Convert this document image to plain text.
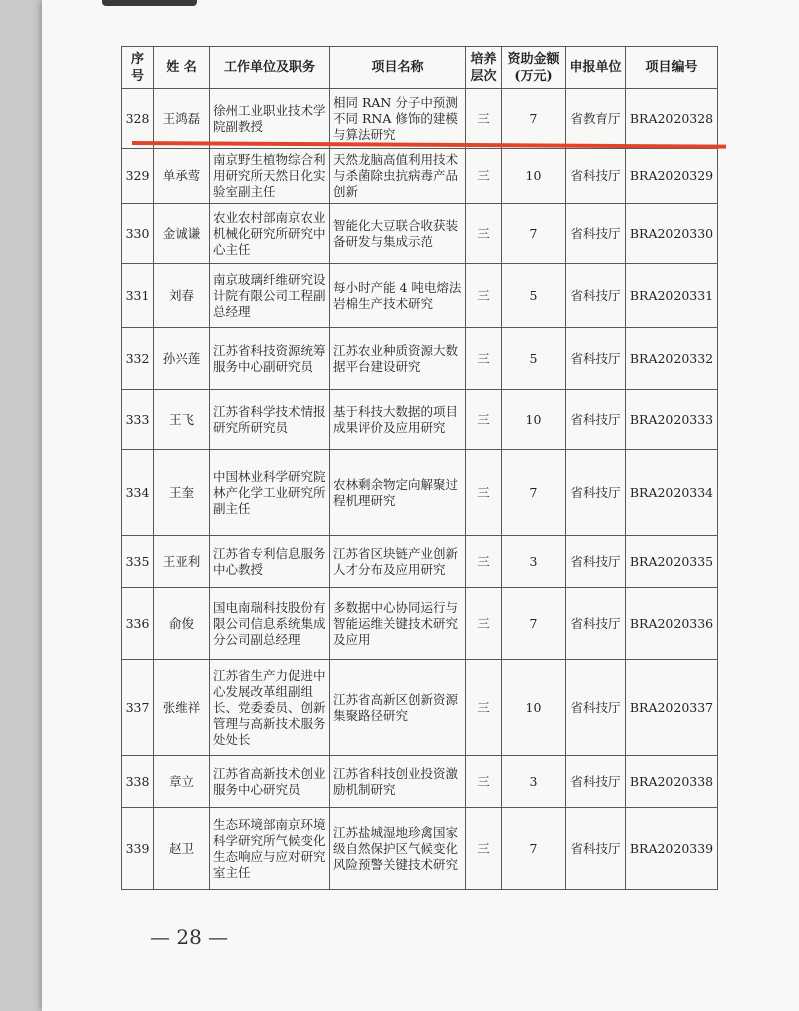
序号	姓 名	工作单位及职务	项目名称	培养层次	资助金额(万元)	申报单位	项目编号
328	王鸿磊	徐州工业职业技术学院副教授	相同 RAN 分子中预测不同 RNA 修饰的建模与算法研究	三	7	省教育厅	BRA2020328
329	单承莺	南京野生植物综合利用研究所天然日化实验室副主任	天然龙脑高值利用技术与杀菌除虫抗病毒产品创新	三	10	省科技厅	BRA2020329
330	金诚谦	农业农村部南京农业机械化研究所研究中心主任	智能化大豆联合收获装备研发与集成示范	三	7	省科技厅	BRA2020330
331	刘春	南京玻璃纤维研究设计院有限公司工程副总经理	每小时产能 4 吨电熔法岩棉生产技术研究	三	5	省科技厅	BRA2020331
332	孙兴莲	江苏省科技资源统筹服务中心副研究员	江苏农业种质资源大数据平台建设研究	三	5	省科技厅	BRA2020332
333	王飞	江苏省科学技术情报研究所研究员	基于科技大数据的项目成果评价及应用研究	三	10	省科技厅	BRA2020333
334	王奎	中国林业科学研究院林产化学工业研究所副主任	农林剩余物定向解聚过程机理研究	三	7	省科技厅	BRA2020334
335	王亚利	江苏省专利信息服务中心教授	江苏省区块链产业创新人才分布及应用研究	三	3	省科技厅	BRA2020335
336	俞俊	国电南瑞科技股份有限公司信息系统集成分公司副总经理	多数据中心协同运行与智能运维关键技术研究及应用	三	7	省科技厅	BRA2020336
337	张维祥	江苏省生产力促进中心发展改革组副组长、党委委员、创新管理与高新技术服务处处长	江苏省高新区创新资源集聚路径研究	三	10	省科技厅	BRA2020337
338	章立	江苏省高新技术创业服务中心研究员	江苏省科技创业投资激励机制研究	三	3	省科技厅	BRA2020338
339	赵卫	生态环境部南京环境科学研究所气候变化生态响应与应对研究室主任	江苏盐城湿地珍禽国家级自然保护区气候变化风险预警关键技术研究	三	7	省科技厅	BRA2020339
— 28 —
